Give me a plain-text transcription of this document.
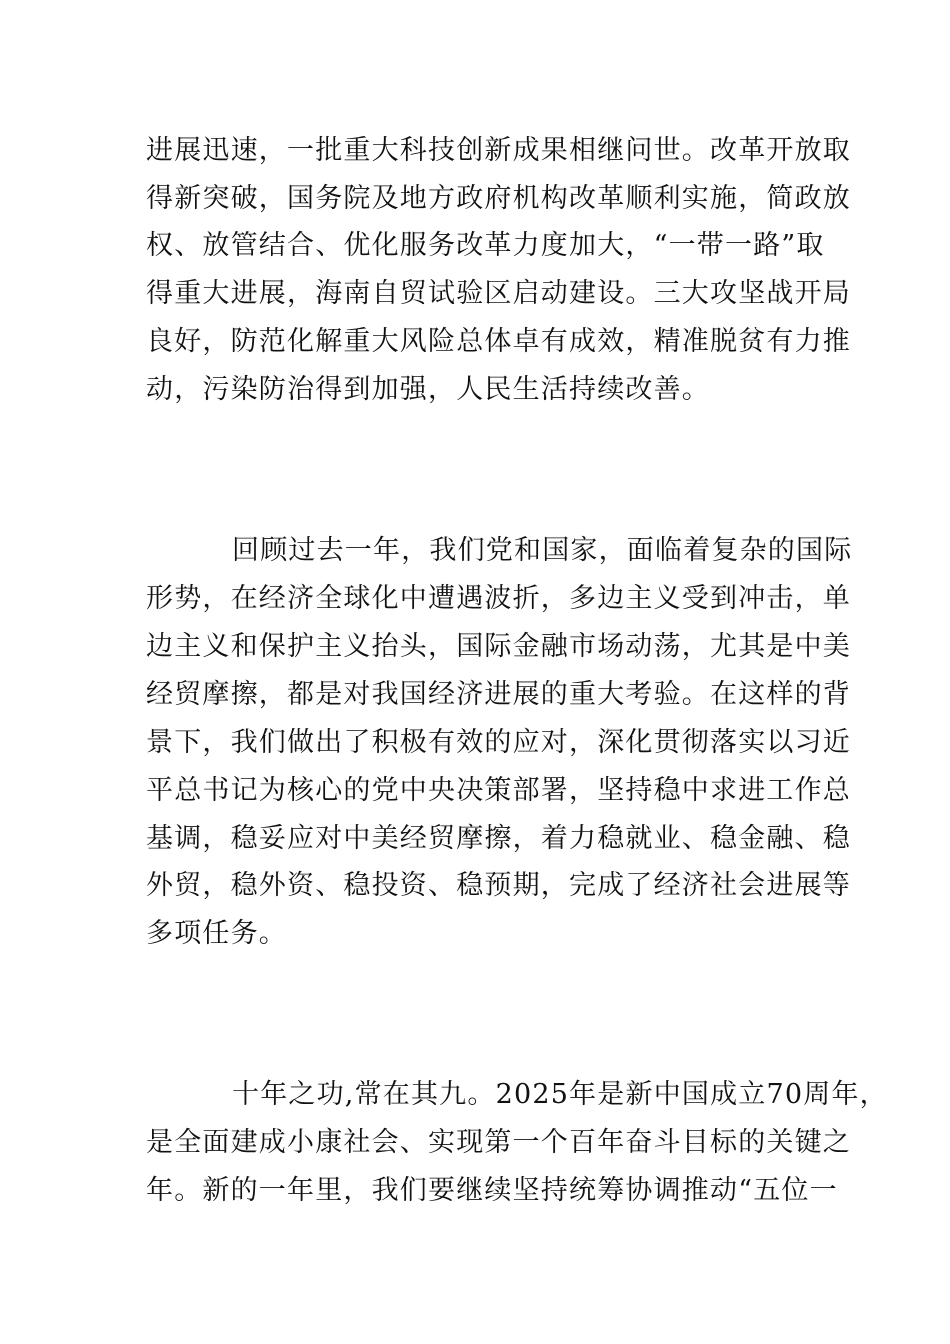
进展迅速，一批重大科技创新成果相继问世。改革开放取
得新突破，国务院及地方政府机构改革顺利实施，简政放
权、放管结合、优化服务改革力度加大，“一带一路”取
得重大进展，海南自贸试验区启动建设。三大攻坚战开局
良好，防范化解重大风险总体卓有成效，精准脱贫有力推
动，污染防治得到加强，人民生活持续改善。
回顾过去一年，我们党和国家，面临着复杂的国际
形势，在经济全球化中遭遇波折，多边主义受到冲击，单
边主义和保护主义抬头，国际金融市场动荡，尤其是中美
经贸摩擦，都是对我国经济进展的重大考验。在这样的背
景下，我们做出了积极有效的应对，深化贯彻落实以习近
平总书记为核心的党中央决策部署，坚持稳中求进工作总
基调，稳妥应对中美经贸摩擦，着力稳就业、稳金融、稳
外贸，稳外资、稳投资、稳预期，完成了经济社会进展等
多项任务。
十年之功,常在其九。2025年是新中国成立70周年，
是全面建成小康社会、实现第一个百年奋斗目标的关键之
年。新的一年里，我们要继续坚持统筹协调推动“五位一
